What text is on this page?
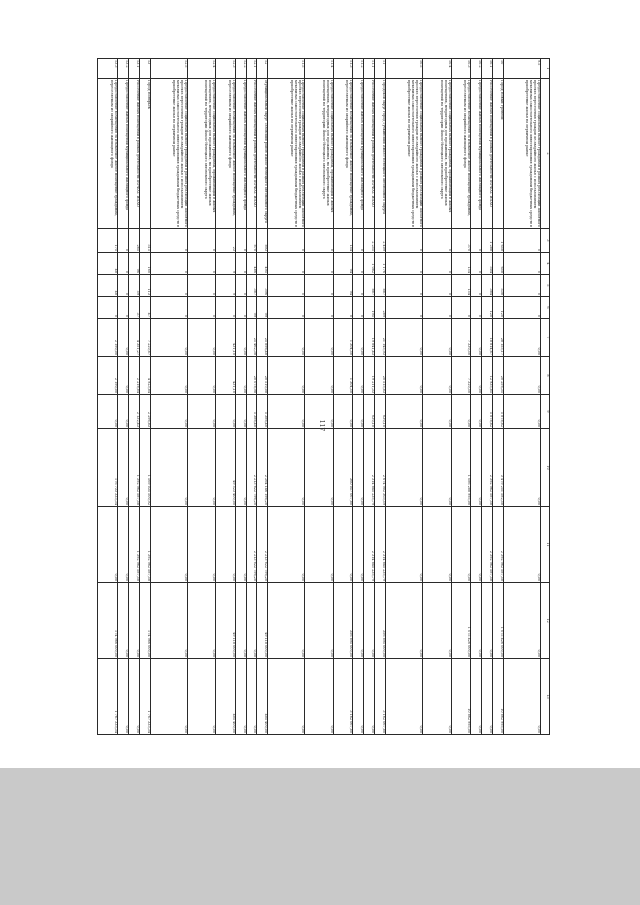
117
1	2	3	4	5	6	7	8	9	10	11	12	13
9.5	Предоставление социальных выплат гражданам в рамках реализации Пилотного проекта переселения граждан из аварийного жилья с использованием механизма самостоятельного инвестирования гражданами бюджетных средств в приобретение жилья на первичном рынке	0	0	0	0	0,00	0,00	0,00	0,00	0,00	0,00	0,00
10	Город Новый Уренгой	1 658	658	538	120	28 155,17	20 256,35	5 878,82	3 479 251 582,58	2 392 962 587,58	1 075 426 000,00	10 862 995,00
10.1	Расселение жилых помещений в рамках деятельности ПО-ФАС ИПАО	1 288	504	384	120	18 814,67	12 935,85	5 878,82	2 392 962 587,58	2 392 962 587,58	0,00	0,00
10.2	Предоставление жилых помещений муниципального жилищного фонда	0	0	0	0	0,00	0,00	0,00	0,00	0,00	0,00	0,00
10.3	Предоставление возмещения за изымаемое жилое помещение гражданам, переселяемым из аварийного жилищного фонда	370	154	154	0	7 330,50	7 320,50	0,00	1 086 288 995,00	0,00	1 075 426 000,00	10 862 995,00
10.4	Предоставление социальных выплат гражданам, проживающим в жилых помещениях, непригодных для проживания, на приобретение жилых помещений на территории Ямало-Ненецкого автономного округа	0	0	0	0	0,00	0,00	0,00	0,00	0,00	0,00	0,00
10.5	Предоставление социальных выплат гражданам в рамках реализации Пилотного проекта переселения граждан из аварийного жилья с использованием механизма самостоятельного инвестирования гражданами бюджетных средств в приобретение жилья на первичном рынке	0	0	0	0	0,00	0,00	0,00	0,00	0,00	0,00	0,00
11	Городской округ город Губкинский Ямало-Ненецкого автономного округа	2 409	1 176	887	289	21 145,93	20 515,83	630,10	2 674 902 303,59	2 314 845 235,79	356 895 000,00	3 162 067,80
11.1	Расселение жилых помещений в рамках деятельности ПО-ФАС ИПАО	2 255	1 082	887	195	19 841,43	19 211,33	630,10	2 314 845 235,79	2 314 845 235,79	0,00	0,00
11.2	Предоставление жилых помещений муниципального жилищного фонда	0	0	0	0	0,00	0,00	0,00	0,00	0,00	0,00	0,00
11.3	Предоставление возмещения за изымаемое жилое помещение гражданам, переселяемым из аварийного жилищного фонда	154	94	94	0	1 304,50	1 304,50	0,00	360 057 067,80	0,00	356 895 000,00	3 162 067,80
11.4	Предоставление социальных выплат гражданам, проживающим в жилых помещениях, непригодных для проживания, на приобретение жилых помещений на территории Ямало-Ненецкого автономного округа	0	0	0	0	0,00	0,00	0,00	0,00	0,00	0,00	0,00
11.5	Предоставление социальных выплат гражданам в рамках реализации Пилотного проекта переселения граждан из аварийного жилья с использованием механизма самостоятельного инвестирования гражданами бюджетных средств в приобретение жилья на первичном рынке	0	0	0	0	0,00	0,00	0,00	0,00	0,00	0,00	0,00
12	Муниципальный округ Тазовский район Ямало-Ненецкого автономного округа	893	495	396	99	25 896,48	20 510,08	5 386,40	2 264 146 196,20	2 213 622 796,20	49 118 000,00	405 400,00
12.1	Расселение жилых помещений в рамках деятельности ПО-ФАС ИПАО	870	486	387	99	25 462,38	20 078,98	5 386,40	2 213 622 796,20	2 213 622 796,20	0,00	0,00
12.2	Предоставление жилых помещений муниципального жилищного фонда	0	0	0	0	0,00	0,00	0,00	0,00	0,00	0,00	0,00
12.3	Предоставление возмещения за изымаемое жилое помещение гражданам, переселяемым из аварийного жилищного фонда	23	9	9	0	431,10	431,10	0,00	49 523 400,00	0,00	49 118 000,00	405 400,00
12.4	Предоставление социальных выплат гражданам, проживающим в жилых помещениях, непригодных для проживания, на приобретение жилых помещений на территории Ямало-Ненецкого автономного округа	0	0	0	0	0,00	0,00	0,00	0,00	0,00	0,00	0,00
12.5	Предоставление социальных выплат гражданам в рамках реализации Пилотного проекта переселения граждан из аварийного жилья с использованием механизма самостоятельного инвестирования гражданами бюджетных средств в приобретение жилья на первичном рынке	0	0	0	0	0,00	0,00	0,00	0,00	0,00	0,00	0,00
13	Город Ноябрьск	515	160	113	47	7 220,67	4 923,84	2 296,83	1 569 035 500,92	1 392 962 587,58	174 966 000,00	1 767 333,34
13.1	Расселение жилых помещений в рамках деятельности ПО-ФАС ИПАО	265	96	59	37	4 351,27	2 218,84	2 132,43	1 392 962 587,58	1 392 962 587,58	0,00	0,00
13.2	Предоставление жилых помещений муниципального жилищного фонда	0	0	0	0	0,00	0,00	0,00	0,00	0,00	0,00	0,00
13.3	Предоставление возмещения за изымаемое жилое помещение гражданам, переселяемым из аварийного жилищного фонда	175	48	48	0	2 190,00	2 190,00	0,00	176 733 333,34	0,00	174 966 000,00	1 767 333,34
